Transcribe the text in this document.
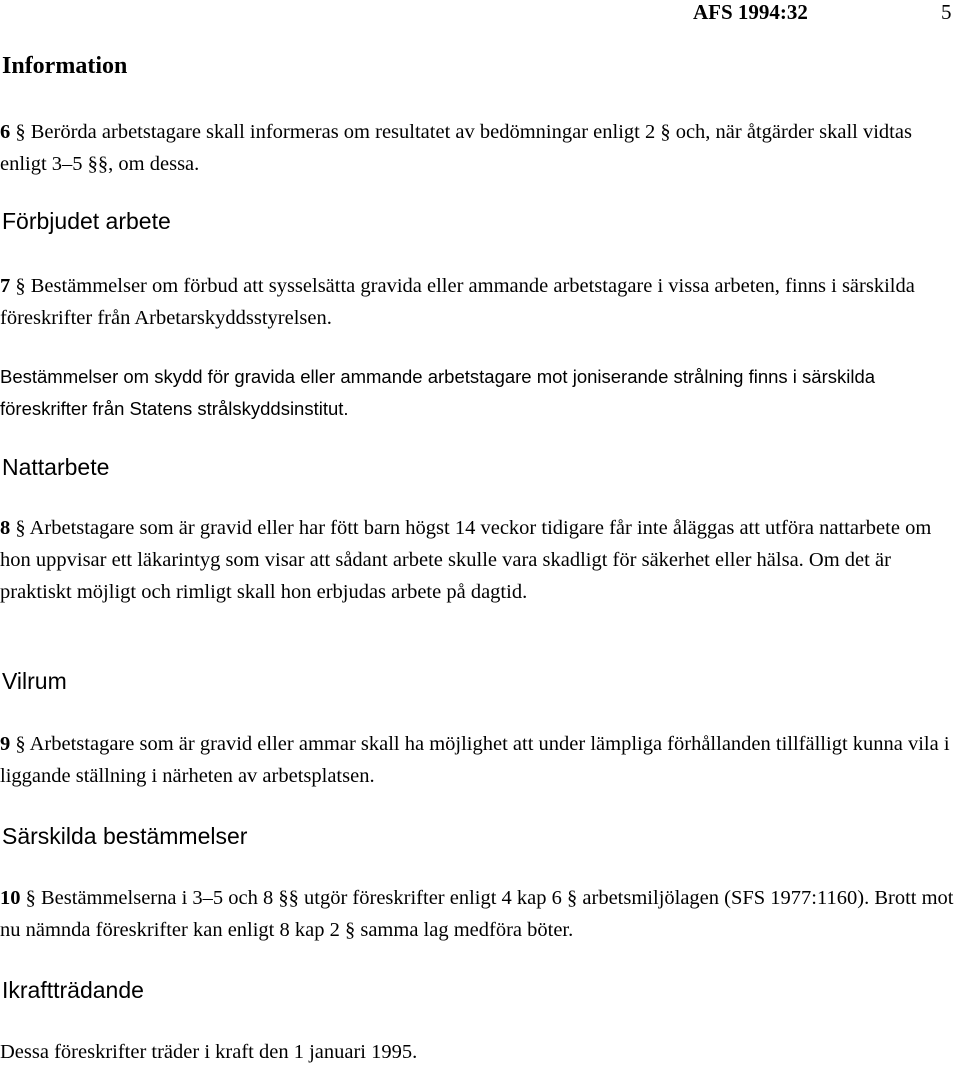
AFS 1994:32	5
Information

6 § Berörda arbetstagare skall informeras om resultatet av bedömningar enligt 2 § och, när åtgärder skall vidtas enligt 3–5 §§, om dessa.

Förbjudet arbete

7 § Bestämmelser om förbud att sysselsätta gravida eller ammande arbetstagare i vissa arbeten, finns i särskilda föreskrifter från Arbetarskyddsstyrelsen.

Bestämmelser om skydd för gravida eller ammande arbetstagare mot joniserande strålning finns i särskilda föreskrifter från Statens strålskyddsinstitut.

Nattarbete

8 § Arbetstagare som är gravid eller har fött barn högst 14 veckor tidigare får inte åläggas att utföra nattarbete om hon uppvisar ett läkarintyg som visar att sådant arbete skulle vara skadligt för säkerhet eller hälsa. Om det är praktiskt möjligt och rimligt skall hon erbjudas arbete på dagtid.

Vilrum

9 § Arbetstagare som är gravid eller ammar skall ha möjlighet att under lämpliga förhållanden tillfälligt kunna vila i liggande ställning i närheten av arbetsplatsen.

Särskilda bestämmelser

10 § Bestämmelserna i 3–5 och 8 §§ utgör föreskrifter enligt 4 kap 6 § arbetsmiljölagen (SFS 1977:1160). Brott mot nu nämnda föreskrifter kan enligt 8 kap 2 § samma lag medföra böter.

Ikraftträdande

Dessa föreskrifter träder i kraft den 1 januari 1995.
